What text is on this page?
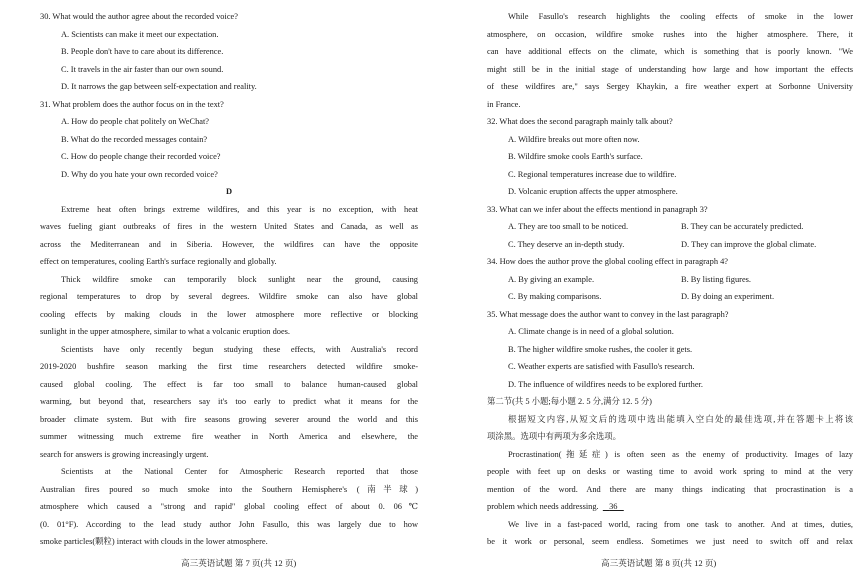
30. What would the author agree about the recorded voice?
A. Scientists can make it meet our expectation.
B. People don't have to care about its difference.
C. It travels in the air faster than our own sound.
D. It narrows the gap between self-expectation and reality.
31. What problem does the author focus on in the text?
A. How do people chat politely on WeChat?
B. What do the recorded messages contain?
C. How do people change their recorded voice?
D. Why do you hate your own recorded voice?
D
Extreme heat often brings extreme wildfires, and this year is no exception, with heat
waves fueling giant outbreaks of fires in the western United States and Canada, as well as
across the Mediterranean and in Siberia. However, the wildfires can have the opposite
effect on temperatures, cooling Earth's surface regionally and globally.
Thick wildfire smoke can temporarily block sunlight near the ground, causing
regional temperatures to drop by several degrees. Wildfire smoke can also have global
cooling effects by making clouds in the lower atmosphere more reflective or blocking
sunlight in the upper atmosphere, similar to what a volcanic eruption does.
Scientists have only recently begun studying these effects, with Australia's record
2019-2020 bushfire season marking the first time researchers detected wildfire smoke-
caused global cooling. The effect is far too small to balance human-caused global
warming, but beyond that, researchers say it's too early to predict what it means for the
broader climate system. But with fire seasons growing severer around the world and this
summer witnessing much extreme fire weather in North America and elsewhere, the
search for answers is growing increasingly urgent.
Scientists at the National Center for Atmospheric Research reported that those
Australian fires poured so much smoke into the Southern Hemisphere's (南半球)
atmosphere which caused a "strong and rapid" global cooling effect of about 0. 06℃
(0. 01°F). According to the lead study author John Fasullo, this was largely due to how
smoke particles(颗粒) interact with clouds in the lower atmosphere.
高三英语试题 第 7 页(共 12 页)
While Fasullo's research highlights the cooling effects of smoke in the lower
atmosphere, on occasion, wildfire smoke rushes into the higher atmosphere. There, it
can have additional effects on the climate, which is something that is poorly known. "We
might still be in the initial stage of understanding how large and how important the effects
of these wildfires are," says Sergey Khaykin, a fire weather expert at Sorbonne University
in France.
32. What does the second paragraph mainly talk about?
A. Wildfire breaks out more often now.
B. Wildfire smoke cools Earth's surface.
C. Regional temperatures increase due to wildfire.
D. Volcanic eruption affects the upper atmosphere.
33. What can we infer about the effects mentiond in panagraph 3?
A. They are too small to be noticed.	B. They can be accurately predicted.
C. They deserve an in-depth study.	D. They can improve the global climate.
34. How does the author prove the global cooling effect in paragraph 4?
A. By giving an example.	B. By listing figures.
C. By making comparisons.	D. By doing an experiment.
35. What message does the author want to convey in the last paragraph?
A. Climate change is in need of a global solution.
B. The higher wildfire smoke rushes, the cooler it gets.
C. Weather experts are satisfied with Fasullo's research.
D. The influence of wildfires needs to be explored further.
第二节(共 5 小题;每小题 2. 5 分,满分 12. 5 分)
根据短文内容,从短文后的选项中选出能填入空白处的最佳选项,并在答题卡上将该
项涂黑。选项中有两项为多余选项。
Procrastination(拖延症) is often seen as the enemy of productivity. Images of lazy
people with feet up on desks or wasting time to avoid work spring to mind at the very
mention of the word. And there are many things indicating that procrastination is a
problem which needs addressing. 36
We live in a fast-paced world, racing from one task to another. And at times, duties,
be it work or personal, seem endless. Sometimes we just need to switch off and relax
高三英语试题 第 8 页(共 12 页)
